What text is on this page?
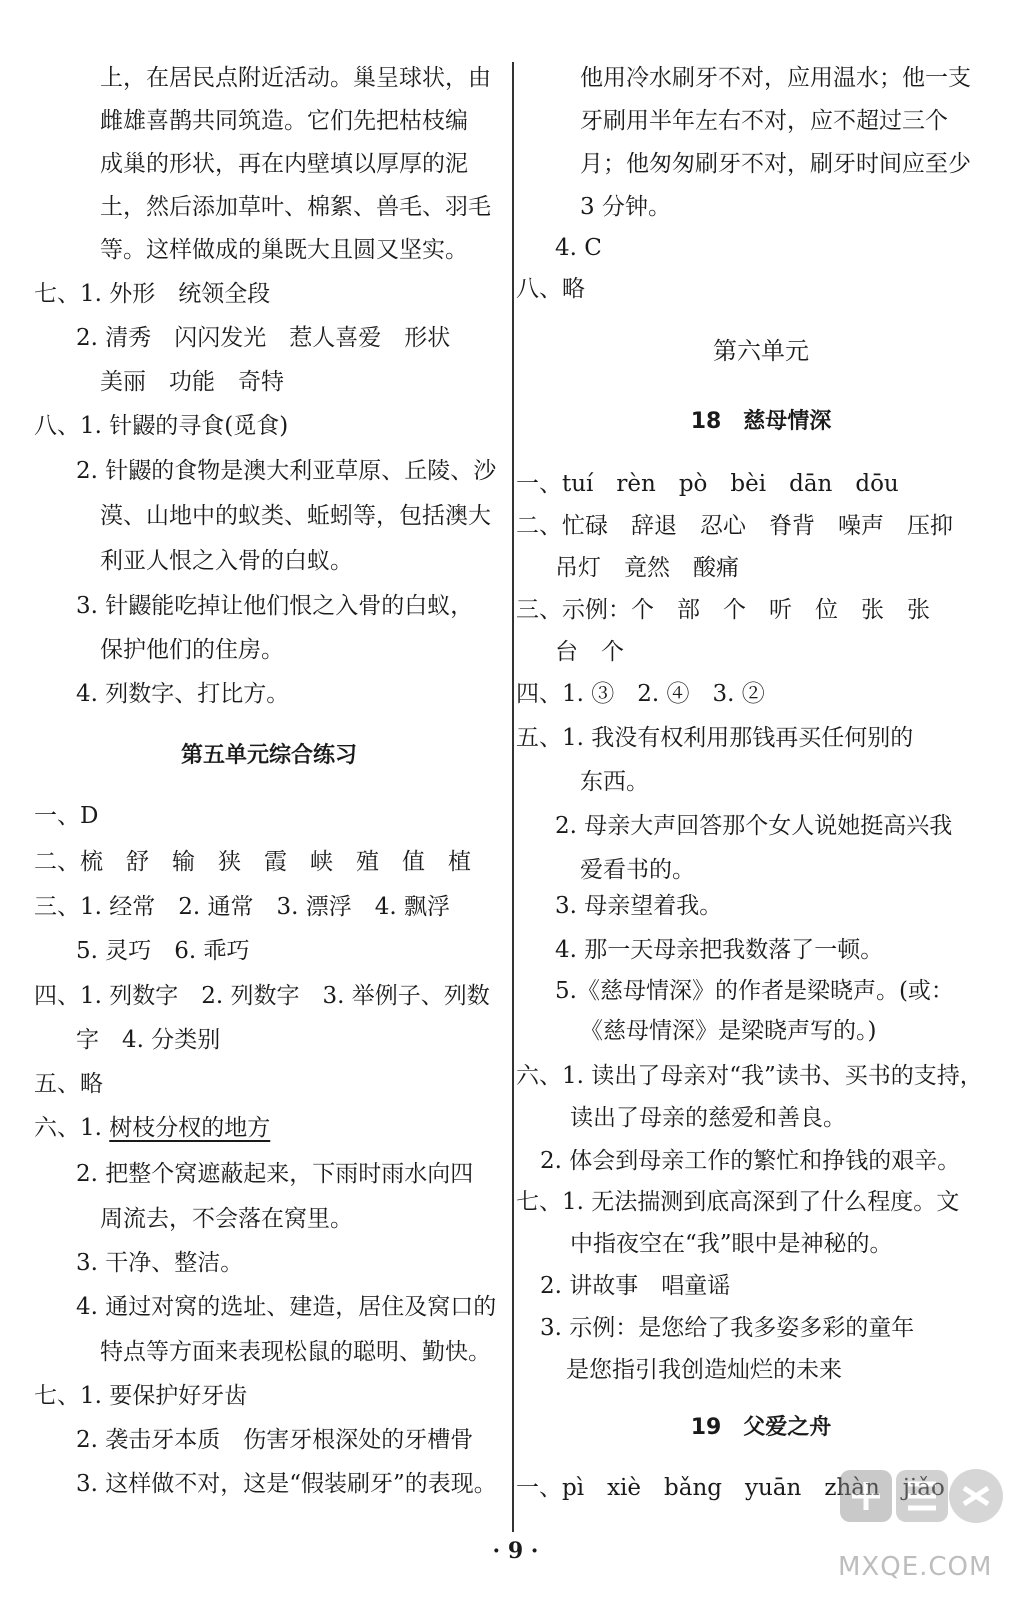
上，在居民点附近活动。巢呈球状，由
雌雄喜鹊共同筑造。它们先把枯枝编
成巢的形状，再在内壁填以厚厚的泥
土，然后添加草叶、棉絮、兽毛、羽毛
等。这样做成的巢既大且圆又坚实。
七、1. 外形　统领全段
2. 清秀　闪闪发光　惹人喜爱　形状
美丽　功能　奇特
八、1. 针鼹的寻食(觅食)
2. 针鼹的食物是澳大利亚草原、丘陵、沙
漠、山地中的蚁类、蚯蚓等，包括澳大
利亚人恨之入骨的白蚁。
3. 针鼹能吃掉让他们恨之入骨的白蚁，
保护他们的住房。
4. 列数字、打比方。
第五单元综合练习
一、D
二、梳　舒　输　狭　霞　峡　殖　值　植
三、1. 经常　2. 通常　3. 漂浮　4. 飘浮
5. 灵巧　6. 乖巧
四、1. 列数字　2. 列数字　3. 举例子、列数
字　4. 分类别
五、略
六、1. 树枝分杈的地方
2. 把整个窝遮蔽起来，下雨时雨水向四
周流去，不会落在窝里。
3. 干净、整洁。
4. 通过对窝的选址、建造，居住及窝口的
特点等方面来表现松鼠的聪明、勤快。
七、1. 要保护好牙齿
2. 袭击牙本质　伤害牙根深处的牙槽骨
3. 这样做不对，这是“假装刷牙”的表现。
他用冷水刷牙不对，应用温水；他一支
牙刷用半年左右不对，应不超过三个
月；他匆匆刷牙不对，刷牙时间应至少
3 分钟。
4. C
八、略
第六单元
18　慈母情深
一、tuí　rèn　pò　bèi　dān　dōu
二、忙碌　辞退　忍心　脊背　噪声　压抑
吊灯　竟然　酸痛
三、示例：个　部　个　听　位　张　张
台　个
四、1. ③　2. ④　3. ②
五、1. 我没有权利用那钱再买任何别的
东西。
2. 母亲大声回答那个女人说她挺高兴我
爱看书的。
3. 母亲望着我。
4. 那一天母亲把我数落了一顿。
5.《慈母情深》的作者是梁晓声。(或：
《慈母情深》是梁晓声写的。)
六、1. 读出了母亲对“我”读书、买书的支持，
读出了母亲的慈爱和善良。
2. 体会到母亲工作的繁忙和挣钱的艰辛。
七、1. 无法揣测到底高深到了什么程度。文
中指夜空在“我”眼中是神秘的。
2. 讲故事　唱童谣
3. 示例：是您给了我多姿多彩的童年
是您指引我创造灿烂的未来
19　父爱之舟
一、pì　xiè　bǎng　yuān　zhàn　jiǎo
· 9 ·
MXQE.COM
